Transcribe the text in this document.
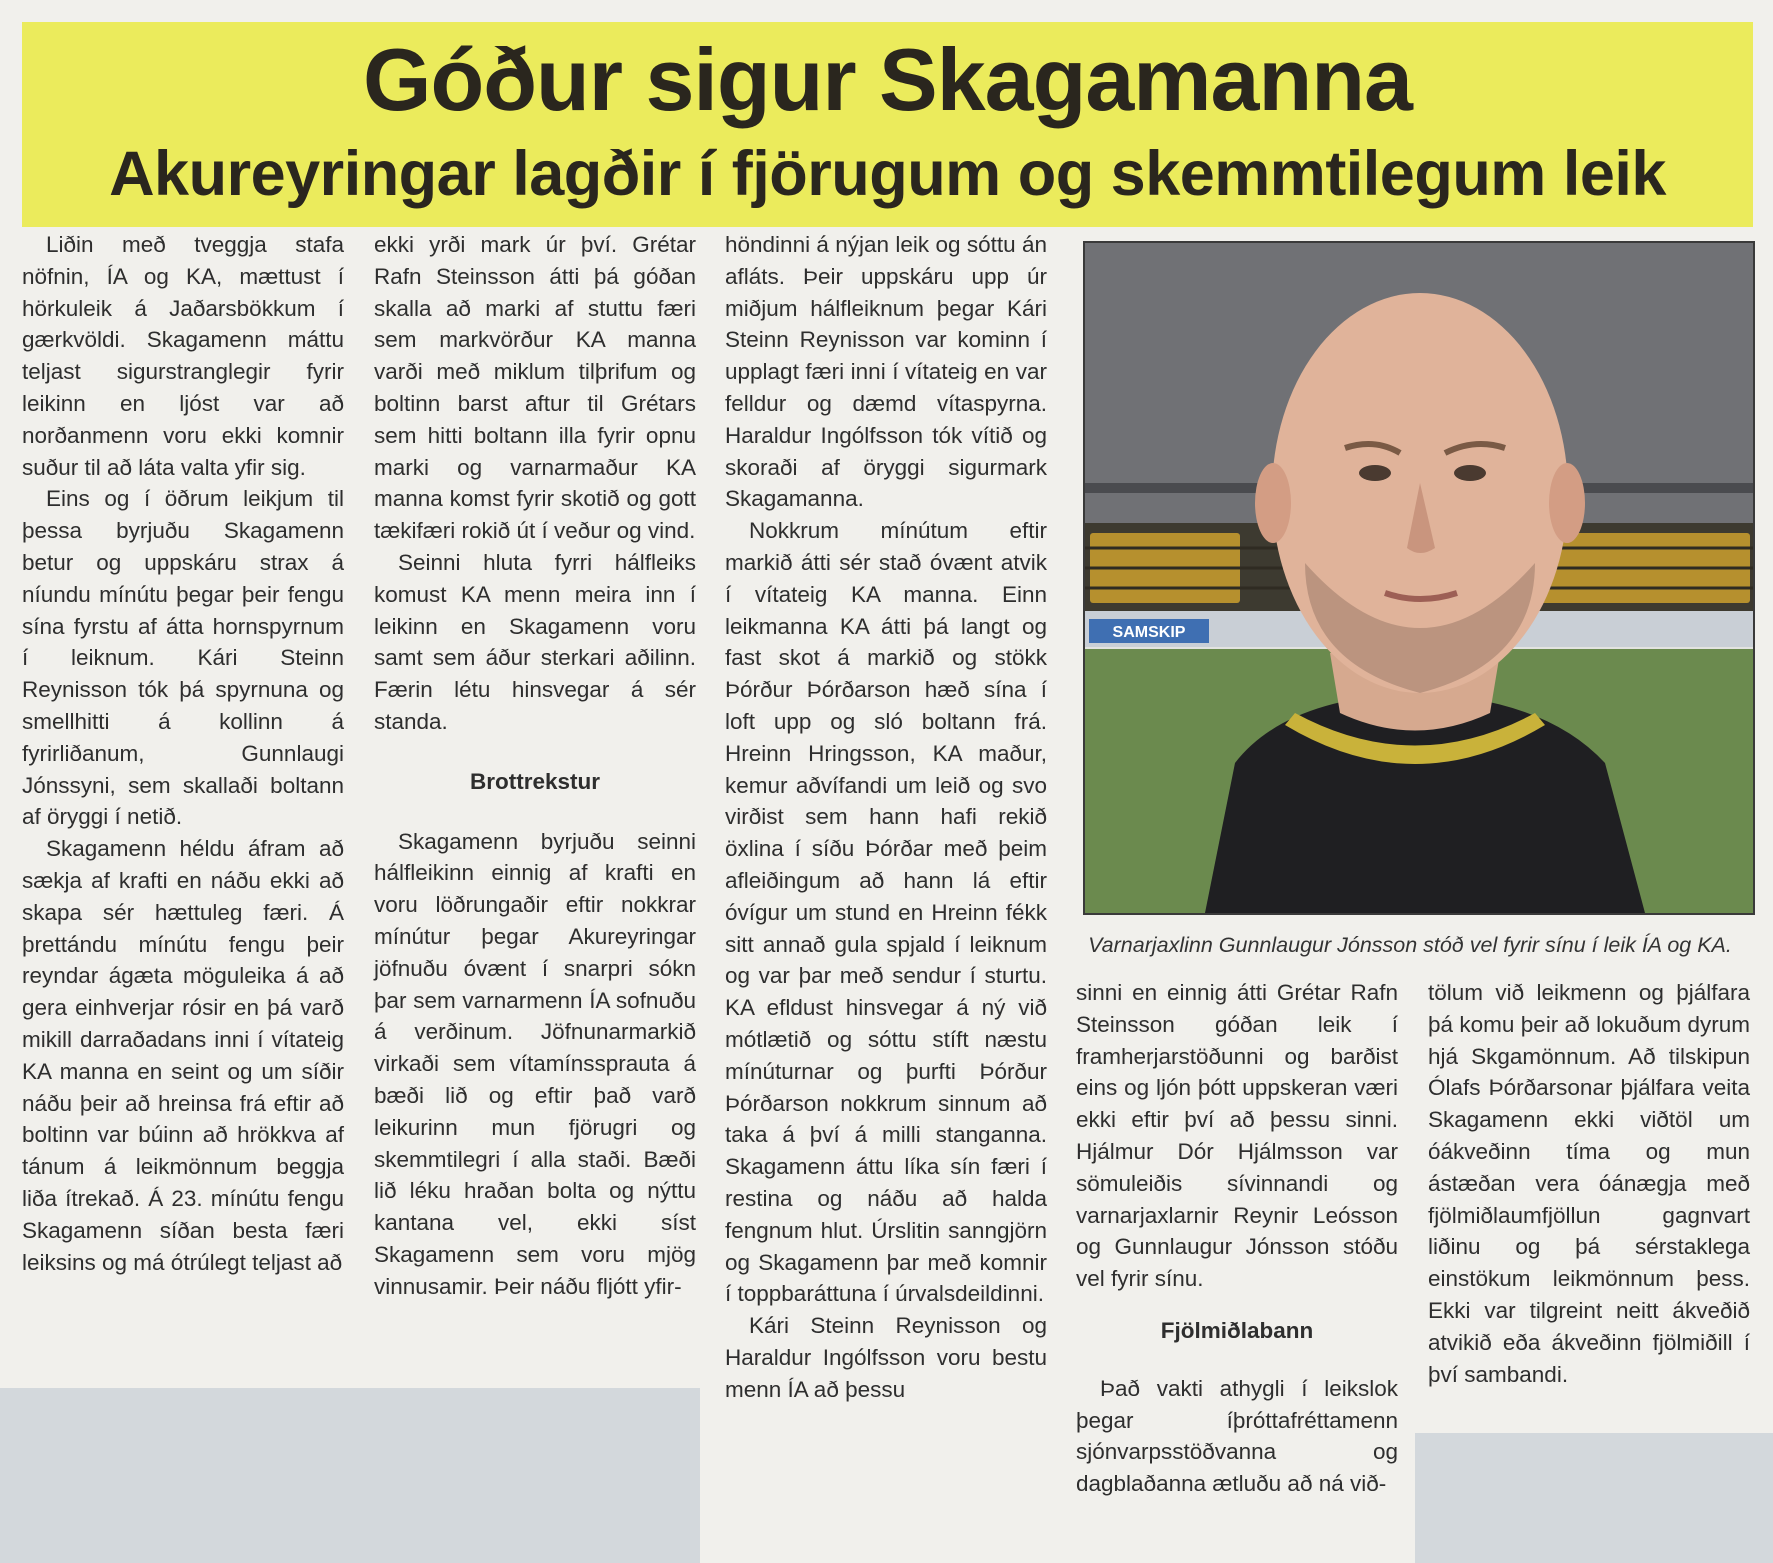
Góður sigur Skagamanna
Akureyringar lagðir í fjörugum og skemmtilegum leik

Liðin með tveggja stafa nöfnin, ÍA og KA, mættust í hörkuleik á Jaðarsbökkum í gærkvöldi. Skagamenn máttu teljast sigurstranglegir fyrir leikinn en ljóst var að norðanmenn voru ekki komnir suður til að láta valta yfir sig.

Eins og í öðrum leikjum til þessa byrjuðu Skagamenn betur og uppskáru strax á níundu mínútu þegar þeir fengu sína fyrstu af átta hornspyrnum í leiknum. Kári Steinn Reynisson tók þá spyrnuna og smellhitti á kollinn á fyrirliðanum, Gunnlaugi Jónssyni, sem skallaði boltann af öryggi í netið.

Skagamenn héldu áfram að sækja af krafti en náðu ekki að skapa sér hættuleg færi. Á þrettándu mínútu fengu þeir reyndar ágæta möguleika á að gera einhverjar rósir en þá varð mikill darraðadans inni í vítateig KA manna en seint og um síðir náðu þeir að hreinsa frá eftir að boltinn var búinn að hrökkva af tánum á leikmönnum beggja liða ítrekað. Á 23. mínútu fengu Skagamenn síðan besta færi leiksins og má ótrúlegt teljast að

ekki yrði mark úr því. Grétar Rafn Steinsson átti þá góðan skalla að marki af stuttu færi sem markvörður KA manna varði með miklum tilþrifum og boltinn barst aftur til Grétars sem hitti boltann illa fyrir opnu marki og varnarmaður KA manna komst fyrir skotið og gott tækifæri rokið út í veður og vind.

Seinni hluta fyrri hálfleiks komust KA menn meira inn í leikinn en Skagamenn voru samt sem áður sterkari aðilinn. Færin létu hinsvegar á sér standa.

Brottrekstur

Skagamenn byrjuðu seinni hálfleikinn einnig af krafti en voru löðrungaðir eftir nokkrar mínútur þegar Akureyringar jöfnuðu óvænt í snarpri sókn þar sem varnarmenn ÍA sofnuðu á verðinum. Jöfnunarmarkið virkaði sem vítamínssprauta á bæði lið og eftir það varð leikurinn mun fjörugri og skemmtilegri í alla staði. Bæði lið léku hraðan bolta og nýttu kantana vel, ekki síst Skagamenn sem voru mjög vinnusamir. Þeir náðu fljótt yfir-

höndinni á nýjan leik og sóttu án afláts. Þeir uppskáru upp úr miðjum hálfleiknum þegar Kári Steinn Reynisson var kominn í upplagt færi inni í vítateig en var felldur og dæmd vítaspyrna. Haraldur Ingólfsson tók vítið og skoraði af öryggi sigurmark Skagamanna.

Nokkrum mínútum eftir markið átti sér stað óvænt atvik í vítateig KA manna. Einn leikmanna KA átti þá langt og fast skot á markið og stökk Þórður Þórðarson hæð sína í loft upp og sló boltann frá. Hreinn Hringsson, KA maður, kemur aðvífandi um leið og svo virðist sem hann hafi rekið öxlina í síðu Þórðar með þeim afleiðingum að hann lá eftir óvígur um stund en Hreinn fékk sitt annað gula spjald í leiknum og var þar með sendur í sturtu. KA efldust hinsvegar á ný við mótlætið og sóttu stíft næstu mínúturnar og þurfti Þórður Þórðarson nokkrum sinnum að taka á því á milli stanganna. Skagamenn áttu líka sín færi í restina og náðu að halda fengnum hlut. Úrslitin sanngjörn og Skagamenn þar með komnir í toppbaráttuna í úrvalsdeildinni.

Kári Steinn Reynisson og Haraldur Ingólfsson voru bestu menn ÍA að þessu

SAMSKIP
Varnarjaxlinn Gunnlaugur Jónsson stóð vel fyrir sínu í leik ÍA og KA.

sinni en einnig átti Grétar Rafn Steinsson góðan leik í framherjarstöðunni og barðist eins og ljón þótt uppskeran væri ekki eftir því að þessu sinni. Hjálmur Dór Hjálmsson var sömuleiðis sívinnandi og varnarjaxlarnir Reynir Leósson og Gunnlaugur Jónsson stóðu vel fyrir sínu.

Fjölmiðlabann

Það vakti athygli í leikslok þegar íþróttafréttamenn sjónvarpsstöðvanna og dagblaðanna ætluðu að ná við-

tölum við leikmenn og þjálfara þá komu þeir að lokuðum dyrum hjá Skgamönnum. Að tilskipun Ólafs Þórðarsonar þjálfara veita Skagamenn ekki viðtöl um óákveðinn tíma og mun ástæðan vera óánægja með fjölmiðlaumfjöllun gagnvart liðinu og þá sérstaklega einstökum leikmönnum þess. Ekki var tilgreint neitt ákveðið atvikið eða ákveðinn fjölmiðill í því sambandi.
